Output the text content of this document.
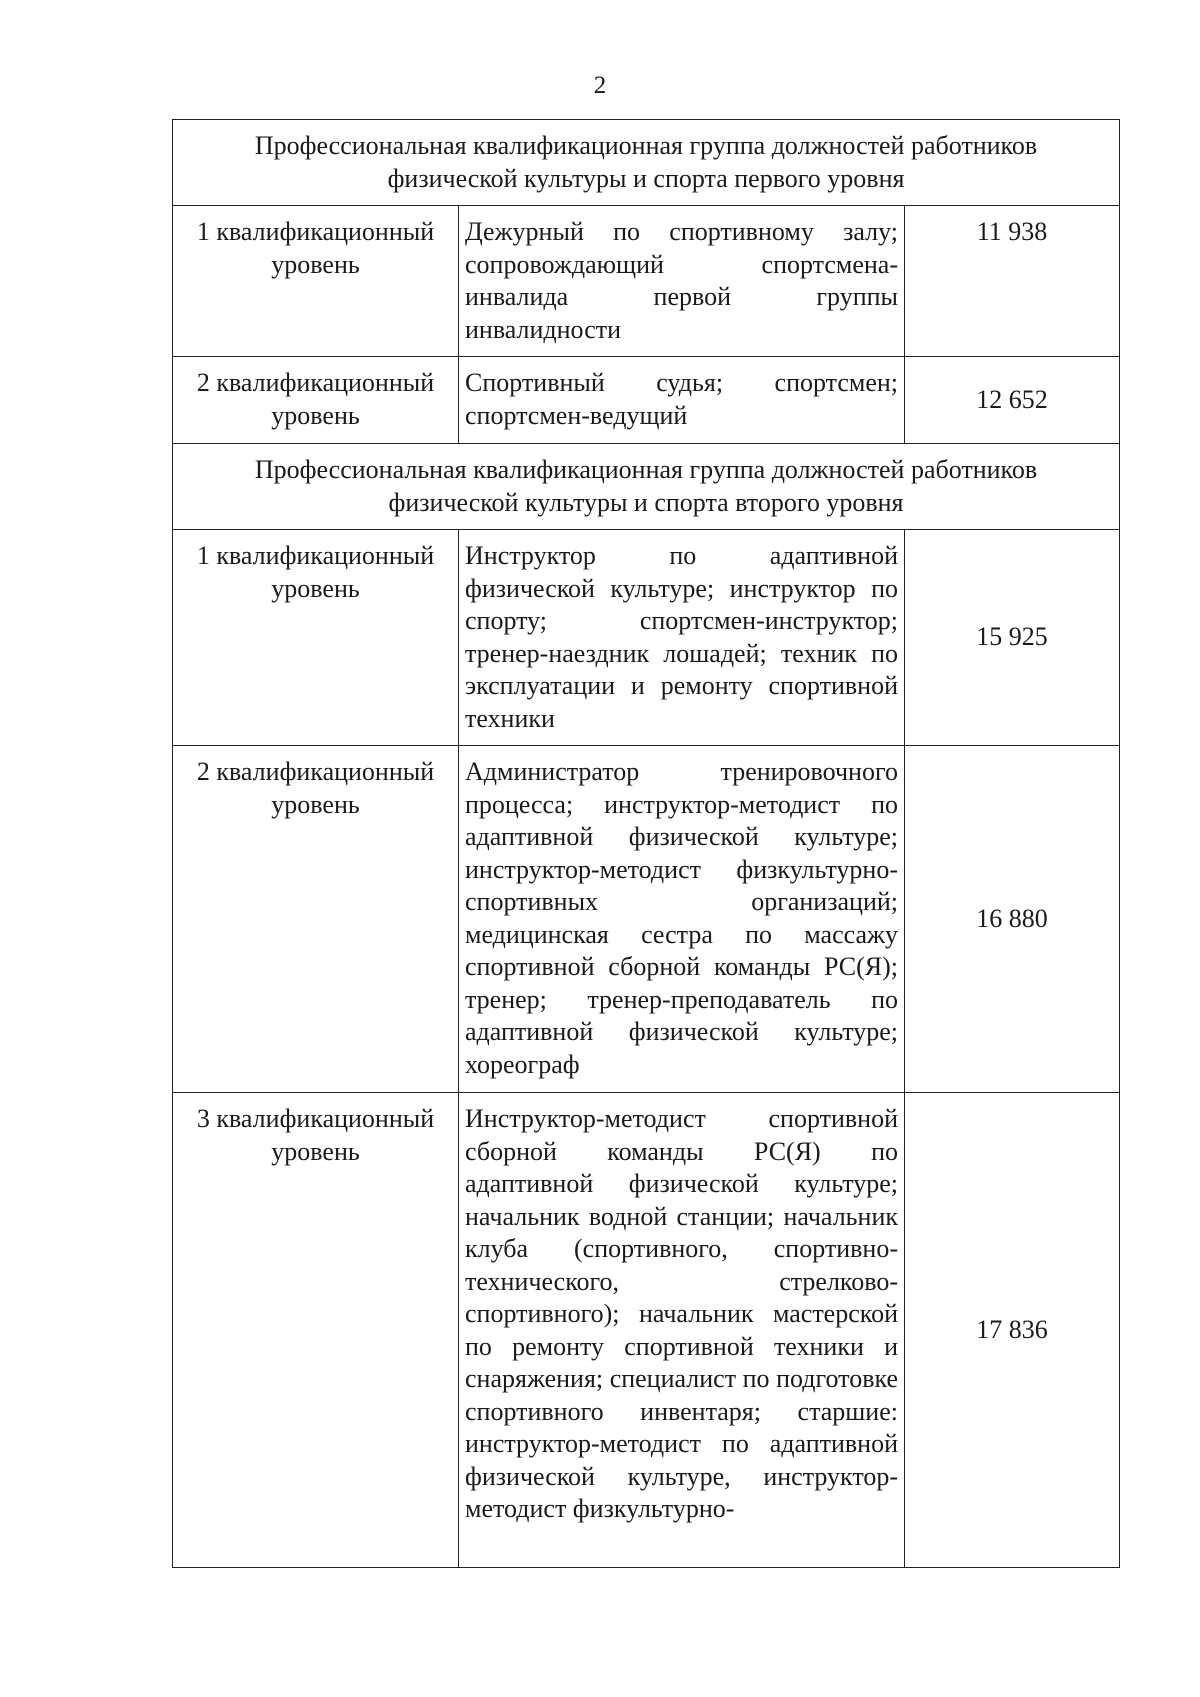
2
Профессиональная квалификационная группа должностей работников
физической культуры и спорта первого уровня		
1 квалификационный
уровень	Дежурный по спортивному залу; сопровождающий спортсмена-инвалида первой группы инвалидности	11 938
2 квалификационный
уровень	Спортивный судья; спортсмен; спортсмен-ведущий	12 652
Профессиональная квалификационная группа должностей работников
физической культуры и спорта второго уровня		
1 квалификационный
уровень	Инструктор по адаптивной физической культуре; инструктор по спорту; спортсмен-инструктор; тренер-наездник лошадей; техник по эксплуатации и ремонту спортивной техники	15 925
2 квалификационный
уровень	Администратор тренировочного процесса; инструктор-методист по адаптивной физической культуре; инструктор-методист физкультурно-спортивных организаций; медицинская сестра по массажу спортивной сборной команды РС(Я); тренер; тренер-преподаватель по адаптивной физической культуре; хореограф	16 880
3 квалификационный
уровень	Инструктор-методист спортивной сборной команды РС(Я) по адаптивной физической культуре; начальник водной станции; начальник клуба (спортивного, спортивно-технического, стрелково-спортивного); начальник мастерской по ремонту спортивной техники и снаряжения; специалист по подготовке спортивного инвентаря; старшие: инструктор-методист по адаптивной физической культуре, инструктор-методист физкультурно-	17 836
